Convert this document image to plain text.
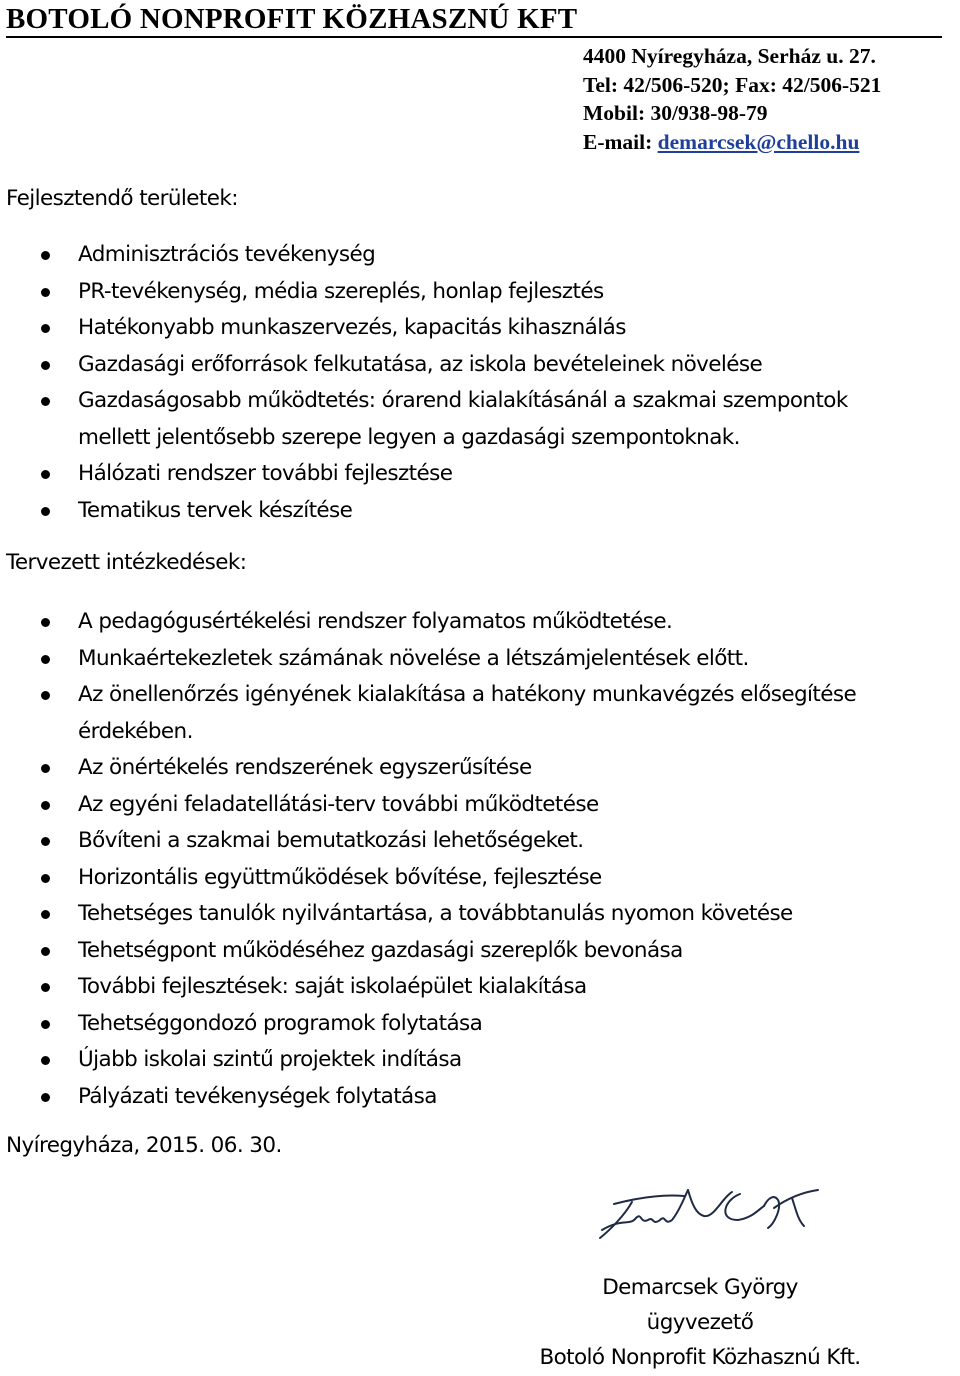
BOTOLÓ NONPROFIT KÖZHASZNÚ KFT
4400 Nyíregyháza, Serház u. 27.
Tel: 42/506-520; Fax: 42/506-521
Mobil: 30/938-98-79
E-mail: demarcsek@chello.hu
Fejlesztendő területek:
Adminisztrációs tevékenység
PR-tevékenység, média szereplés, honlap fejlesztés
Hatékonyabb munkaszervezés, kapacitás kihasználás
Gazdasági erőforrások felkutatása, az iskola bevételeinek növelése
Gazdaságosabb működtetés: órarend kialakításánál a szakmai szempontok
mellett jelentősebb szerepe legyen a gazdasági szempontoknak.
Hálózati rendszer további fejlesztése
Tematikus tervek készítése
Tervezett intézkedések:
A pedagógusértékelési rendszer folyamatos működtetése.
Munkaértekezletek számának növelése a létszámjelentések előtt.
Az önellenőrzés igényének kialakítása a hatékony munkavégzés elősegítése
érdekében.
Az önértékelés rendszerének egyszerűsítése
Az egyéni feladatellátási-terv további működtetése
Bővíteni a szakmai bemutatkozási lehetőségeket.
Horizontális együttműködések bővítése, fejlesztése
Tehetséges tanulók nyilvántartása, a továbbtanulás nyomon követése
Tehetségpont működéséhez gazdasági szereplők bevonása
További fejlesztések: saját iskolaépület kialakítása
Tehetséggondozó programok folytatása
Újabb iskolai szintű projektek indítása
Pályázati tevékenységek folytatása
Nyíregyháza, 2015. 06. 30.
Demarcsek György
ügyvezető
Botoló Nonprofit Közhasznú Kft.
